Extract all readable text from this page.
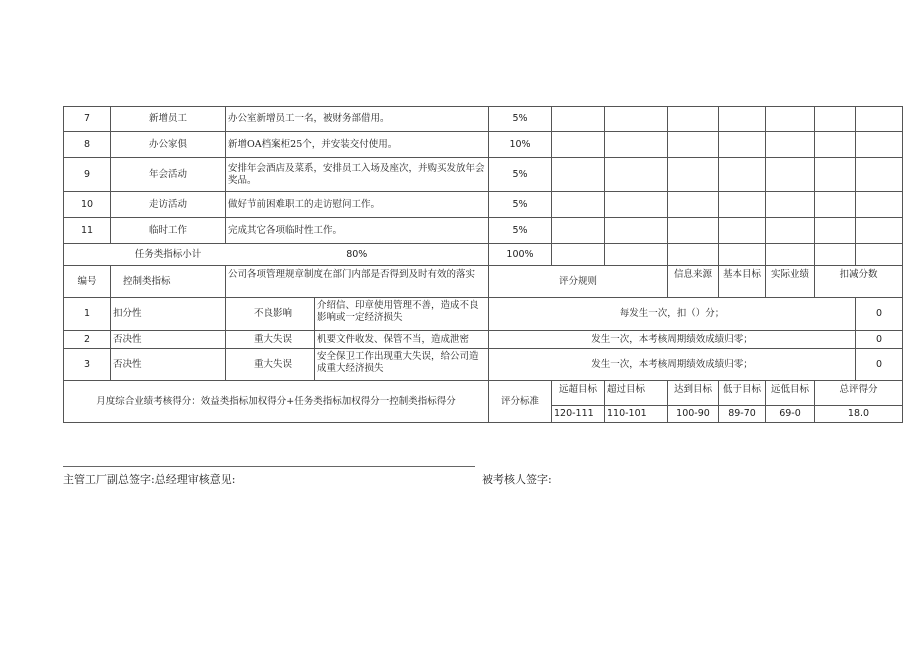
7	新增员工	办公室新增员工一名，被财务部借用。		5%							
8	办公家俱	新增OA档案柜25个，并安装交付使用。		10%							
9	年会活动	安排年会酒店及菜系，安排员工入场及座次，并购买发放年会奖品。		5%							
10	走访活动	做好节前困难职工的走访慰问工作。		5%							
11	临时工作	完成其它各项临时性工作。		5%							
	任务类指标小计	80%		100%							
编号	控制类指标	公司各项管理规章制度在部门内部是否得到及时有效的落实		评分规则			信息来源	基本目标	实际业绩	扣减分数	
1	扣分性	不良影响	介绍信、印章使用管理不善，造成不良影响或一定经济损失	每发生一次，扣（）分；							0
2	否决性	重大失误	机要文件收发、保管不当，造成泄密	发生一次，本考核周期绩效成绩归零；							0
3	否决性	重大失误	安全保卫工作出现重大失误，给公司造成重大经济损失	发生一次，本考核周期绩效成绩归零；							0
月度综合业绩考核得分：效益类指标加权得分+任务类指标加权得分一控制类指标得分				评分标准	远超目标	超过目标	达到目标	低于目标	远低目标	总评得分	
					120-111	110-101	100-90	89-70	69-0	18.0	
主管工厂副总签字:总经理审核意见:	被考核人签字:
